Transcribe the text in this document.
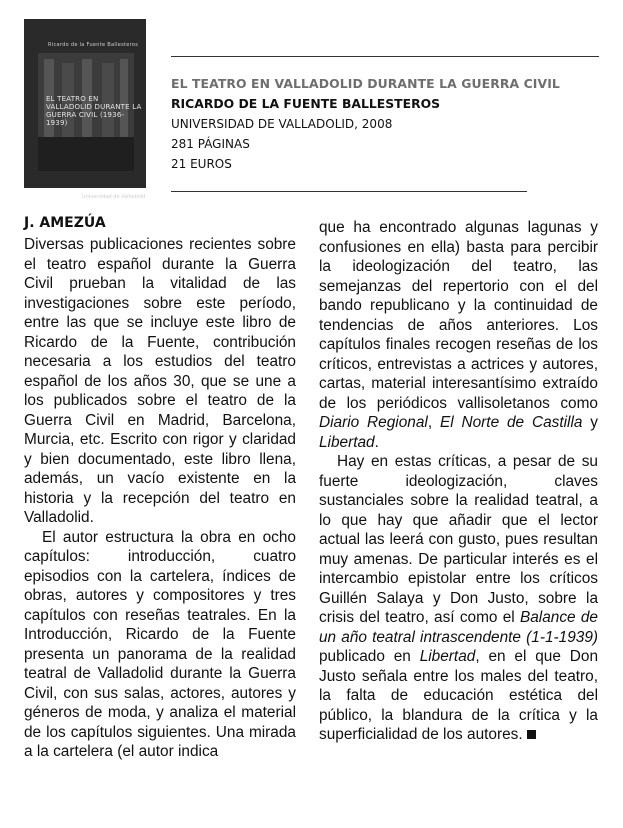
Ricardo de la Fuente Ballesteros
EL TEATRO EN VALLADOLID DURANTE LA GUERRA CIVIL (1936-1939)
Universidad de Valladolid
EL TEATRO EN VALLADOLID DURANTE LA GUERRA CIVIL
RICARDO DE LA FUENTE BALLESTEROS
UNIVERSIDAD DE VALLADOLID, 2008
281 PÁGINAS
21 EUROS
J. AMEZÚA

Diversas publicaciones recientes sobre el teatro español durante la Guerra Civil prueban la vitalidad de las investigaciones sobre este período, entre las que se incluye este libro de Ricardo de la Fuente, contribución necesaria a los estudios del teatro español de los años 30, que se une a los publicados sobre el teatro de la Guerra Civil en Madrid, Barcelona, Murcia, etc. Escrito con rigor y claridad y bien documentado, este libro llena, además, un vacío existente en la historia y la recepción del teatro en Valladolid.

El autor estructura la obra en ocho capítulos: introducción, cuatro episodios con la cartelera, índices de obras, autores y compositores y tres capítulos con reseñas teatrales. En la Introducción, Ricardo de la Fuente presenta un panorama de la realidad teatral de Valladolid durante la Guerra Civil, con sus salas, actores, autores y géneros de moda, y analiza el material de los capítulos siguientes. Una mirada a la cartelera (el autor indica

que ha encontrado algunas lagunas y confusiones en ella) basta para percibir la ideologización del teatro, las semejanzas del repertorio con el del bando republicano y la continuidad de tendencias de años anteriores. Los capítulos finales recogen reseñas de los críticos, entrevistas a actrices y autores, cartas, material interesantísimo extraído de los periódicos vallisoletanos como Diario Regional, El Norte de Castilla y Libertad.

Hay en estas críticas, a pesar de su fuerte ideologización, claves sustanciales sobre la realidad teatral, a lo que hay que añadir que el lector actual las leerá con gusto, pues resultan muy amenas. De particular interés es el intercambio epistolar entre los críticos Guillén Salaya y Don Justo, sobre la crisis del teatro, así como el Balance de un año teatral intrascendente (1-1-1939) publicado en Libertad, en el que Don Justo señala entre los males del teatro, la falta de educación estética del público, la blandura de la crítica y la superficialidad de los autores.
